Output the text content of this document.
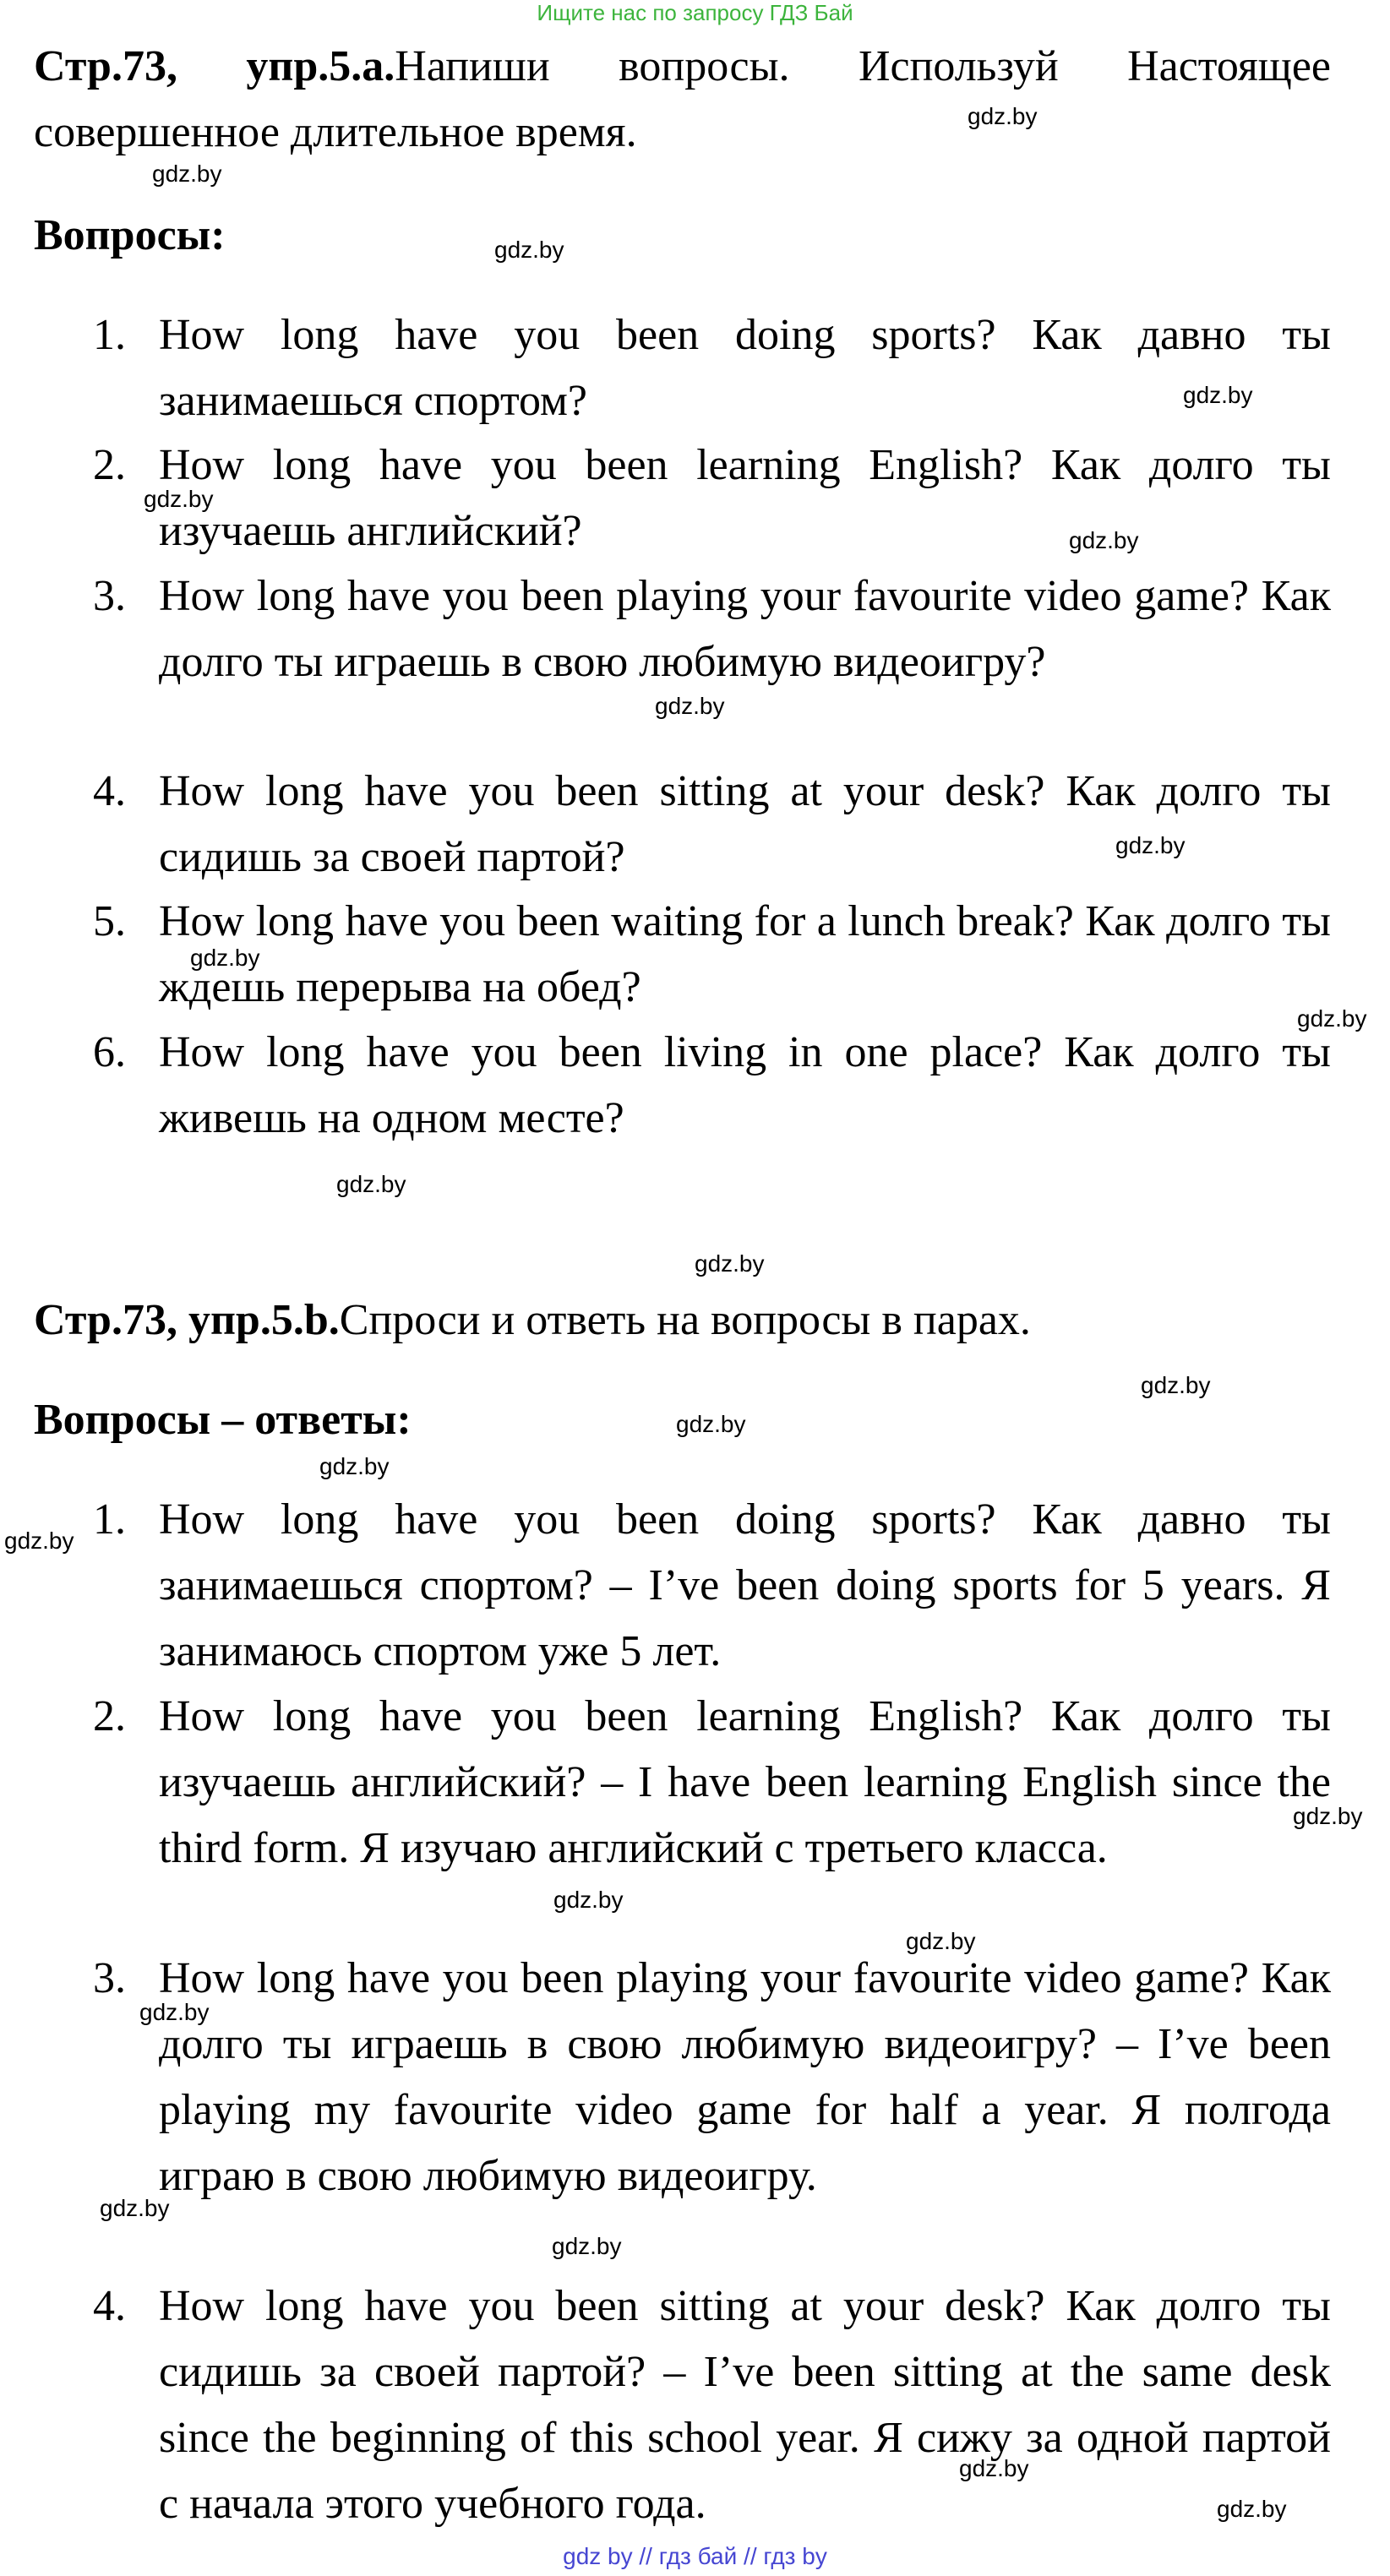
Ищите нас по запросу ГДЗ Бай
Стр.73, упр.5.a.Напиши вопросы. Используй Настоящее совершенное длительное время.
Вопросы:
1. How long have you been doing sports? Как давно ты занимаешься спортом?
2. How long have you been learning English? Как долго ты изучаешь английский?
3. How long have you been playing your favourite video game? Как долго ты играешь в свою любимую видеоигру?
4. How long have you been sitting at your desk? Как долго ты сидишь за своей партой?
5. How long have you been waiting for a lunch break? Как долго ты ждешь перерыва на обед?
6. How long have you been living in one place? Как долго ты живешь на одном месте?
Стр.73, упр.5.b.Спроси и ответь на вопросы в парах.
Вопросы – ответы:
1. How long have you been doing sports? Как давно ты занимаешься спортом? – I’ve been doing sports for 5 years. Я занимаюсь спортом уже 5 лет.
2. How long have you been learning English? Как долго ты изучаешь английский? – I have been learning English since the third form. Я изучаю английский с третьего класса.
3. How long have you been playing your favourite video game? Как долго ты играешь в свою любимую видеоигру? – I’ve been playing my favourite video game for half a year. Я полгода играю в свою любимую видеоигру.
4. How long have you been sitting at your desk? Как долго ты сидишь за своей партой? – I’ve been sitting at the same desk since the beginning of this school year. Я сижу за одной партой с начала этого учебного года.
gdz.by
gdz.by
gdz.by
gdz.by
gdz.by
gdz.by
gdz.by
gdz.by
gdz.by
gdz.by
gdz.by
gdz.by
gdz.by
gdz.by
gdz.by
gdz.by
gdz.by
gdz.by
gdz.by
gdz.by
gdz.by
gdz.by
gdz.by
gdz.by
gdz by // гдз бай // гдз by
